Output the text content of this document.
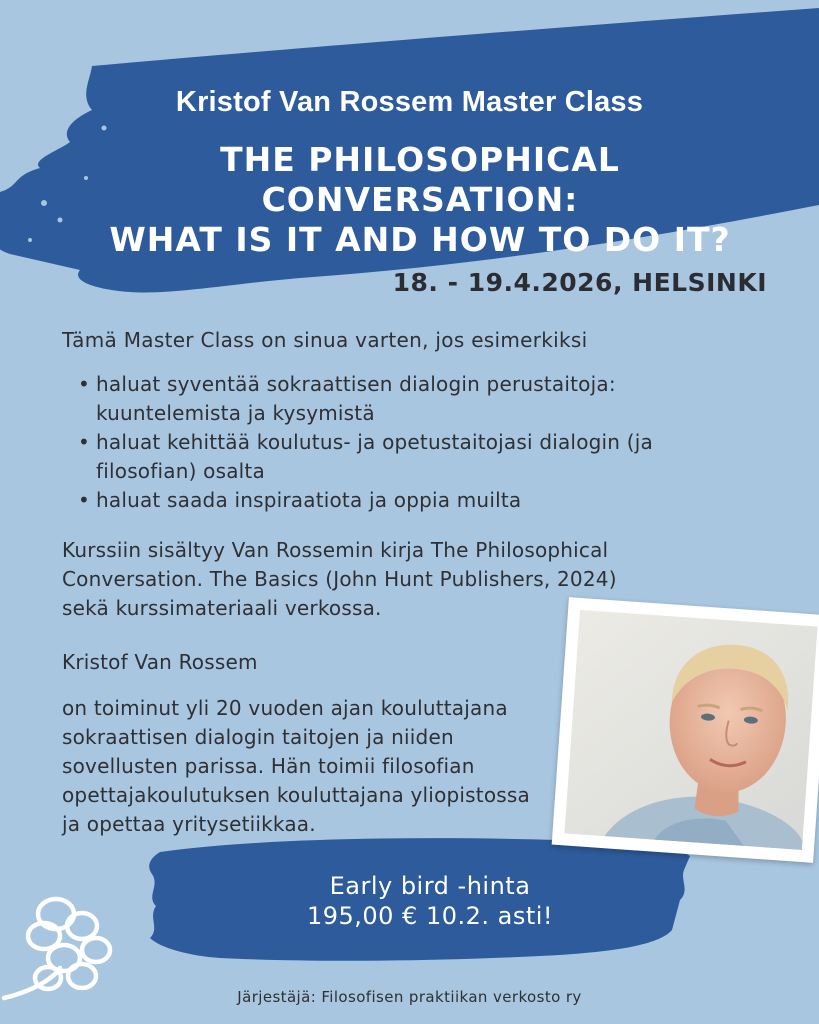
Kristof Van Rossem Master Class
THE PHILOSOPHICAL CONVERSATION:
WHAT IS IT AND HOW TO DO IT?
18. - 19.4.2026, HELSINKI
Tämä Master Class on sinua varten, jos esimerkiksi
• haluat syventää sokraattisen dialogin perustaitoja:
kuuntelemista ja kysymistä
• haluat kehittää koulutus- ja opetustaitojasi dialogin (ja
filosofian) osalta
• haluat saada inspiraatiota ja oppia muilta
Kurssiin sisältyy Van Rossemin kirja The Philosophical
Conversation. The Basics (John Hunt Publishers, 2024)
sekä kurssimateriaali verkossa.
Kristof Van Rossem
on toiminut yli 20 vuoden ajan kouluttajana
sokraattisen dialogin taitojen ja niiden
sovellusten parissa. Hän toimii filosofian
opettajakoulutuksen kouluttajana yliopistossa
ja opettaa yritysetiikkaa.
Early bird -hinta
195,00 € 10.2. asti!
Järjestäjä: Filosofisen praktiikan verkosto ry
